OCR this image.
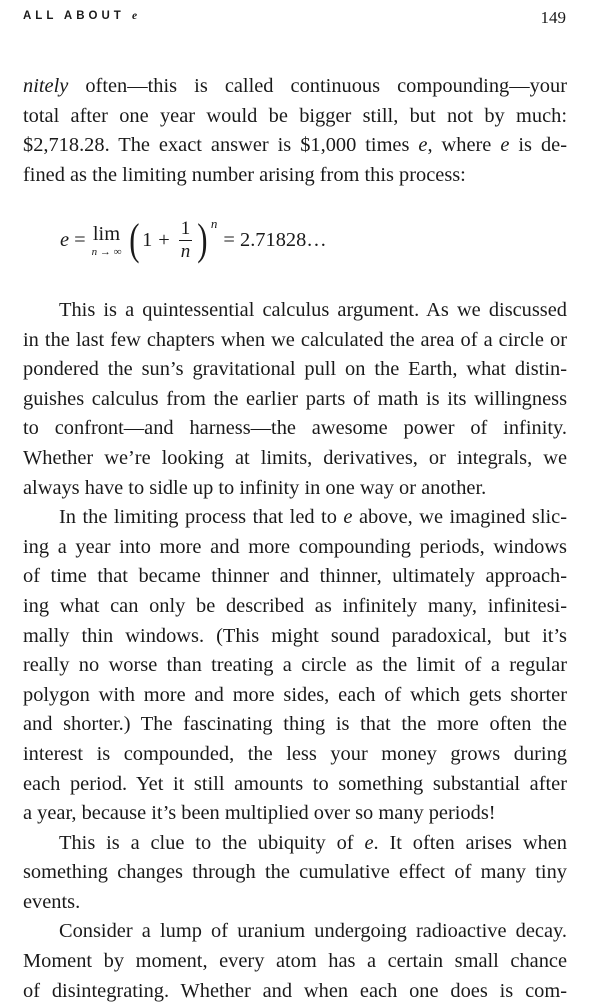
ALL ABOUT e	149
nitely often—this is called continuous compounding—your
total after one year would be bigger still, but not by much:
$2,718.28. The exact answer is $1,000 times e, where e is de-
fined as the limiting number arising from this process:
e = lim
n → ∞ ( $1 + \frac{1}{n}$ ) n
= 2.71828…
This is a quintessential calculus argument. As we discussed
in the last few chapters when we calculated the area of a circle or
pondered the sun’s gravitational pull on the Earth, what distin-
guishes calculus from the earlier parts of math is its willingness
to confront—and harness—the awesome power of infinity.
Whether we’re looking at limits, derivatives, or integrals, we
always have to sidle up to infinity in one way or another.
In the limiting process that led to e above, we imagined slic-
ing a year into more and more compounding periods, windows
of time that became thinner and thinner, ultimately approach-
ing what can only be described as infinitely many, infinitesi-
mally thin windows. (This might sound paradoxical, but it’s
really no worse than treating a circle as the limit of a regular
polygon with more and more sides, each of which gets shorter
and shorter.) The fascinating thing is that the more often the
interest is compounded, the less your money grows during
each period. Yet it still amounts to something substantial after
a year, because it’s been multiplied over so many periods!
This is a clue to the ubiquity of e. It often arises when
something changes through the cumulative effect of many tiny
events.
Consider a lump of uranium undergoing radioactive decay.
Moment by moment, every atom has a certain small chance
of disintegrating. Whether and when each one does is com-
